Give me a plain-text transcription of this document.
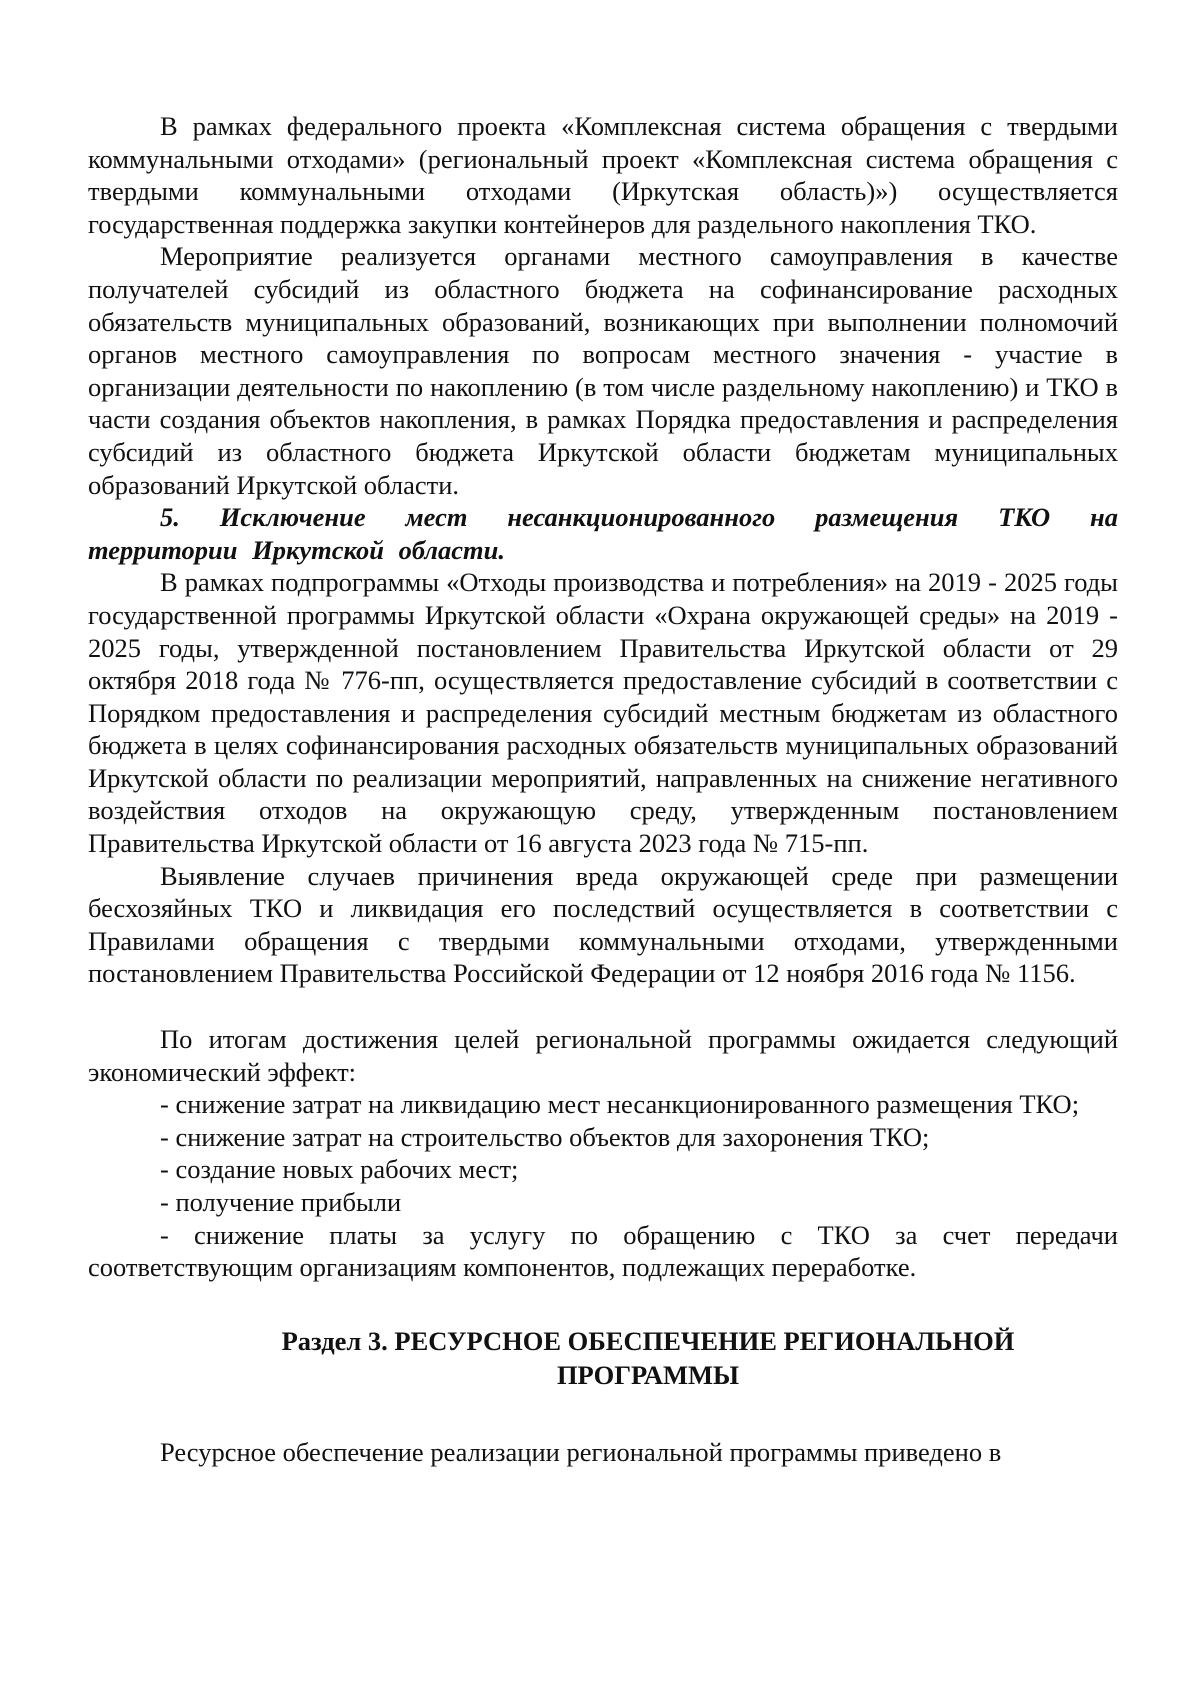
В рамках федерального проекта «Комплексная система обращения с твердыми коммунальными отходами» (региональный проект «Комплексная система обращения с твердыми коммунальными отходами (Иркутская область)») осуществляется государственная поддержка закупки контейнеров для раздельного накопления ТКО.

Мероприятие реализуется органами местного самоуправления в качестве получателей субсидий из областного бюджета на софинансирование расходных обязательств муниципальных образований, возникающих при выполнении полномочий органов местного самоуправления по вопросам местного значения - участие в организации деятельности по накоплению (в том числе раздельному накоплению) и ТКО в части создания объектов накопления, в рамках Порядка предоставления и распределения субсидий из областного бюджета Иркутской области бюджетам муниципальных образований Иркутской области.

5. Исключение мест несанкционированного размещения ТКО на территории Иркутской области.

В рамках подпрограммы «Отходы производства и потребления» на 2019 - 2025 годы государственной программы Иркутской области «Охрана окружающей среды» на 2019 - 2025 годы, утвержденной постановлением Правительства Иркутской области от 29 октября 2018 года № 776-пп, осуществляется предоставление субсидий в соответствии с Порядком предоставления и распределения субсидий местным бюджетам из областного бюджета в целях софинансирования расходных обязательств муниципальных образований Иркутской области по реализации мероприятий, направленных на снижение негативного воздействия отходов на окружающую среду, утвержденным постановлением Правительства Иркутской области от 16 августа 2023 года № 715-пп.

Выявление случаев причинения вреда окружающей среде при размещении бесхозяйных ТКО и ликвидация его последствий осуществляется в соответствии с Правилами обращения с твердыми коммунальными отходами, утвержденными постановлением Правительства Российской Федерации от 12 ноября 2016 года № 1156.

По итогам достижения целей региональной программы ожидается следующий экономический эффект:

- снижение затрат на ликвидацию мест несанкционированного размещения ТКО;

- снижение затрат на строительство объектов для захоронения ТКО;

- создание новых рабочих мест;

- получение прибыли

- снижение платы за услугу по обращению с ТКО за счет передачи соответствующим организациям компонентов, подлежащих переработке.

Раздел 3. РЕСУРСНОЕ ОБЕСПЕЧЕНИЕ РЕГИОНАЛЬНОЙ
ПРОГРАММЫ

Ресурсное обеспечение реализации региональной программы приведено в
